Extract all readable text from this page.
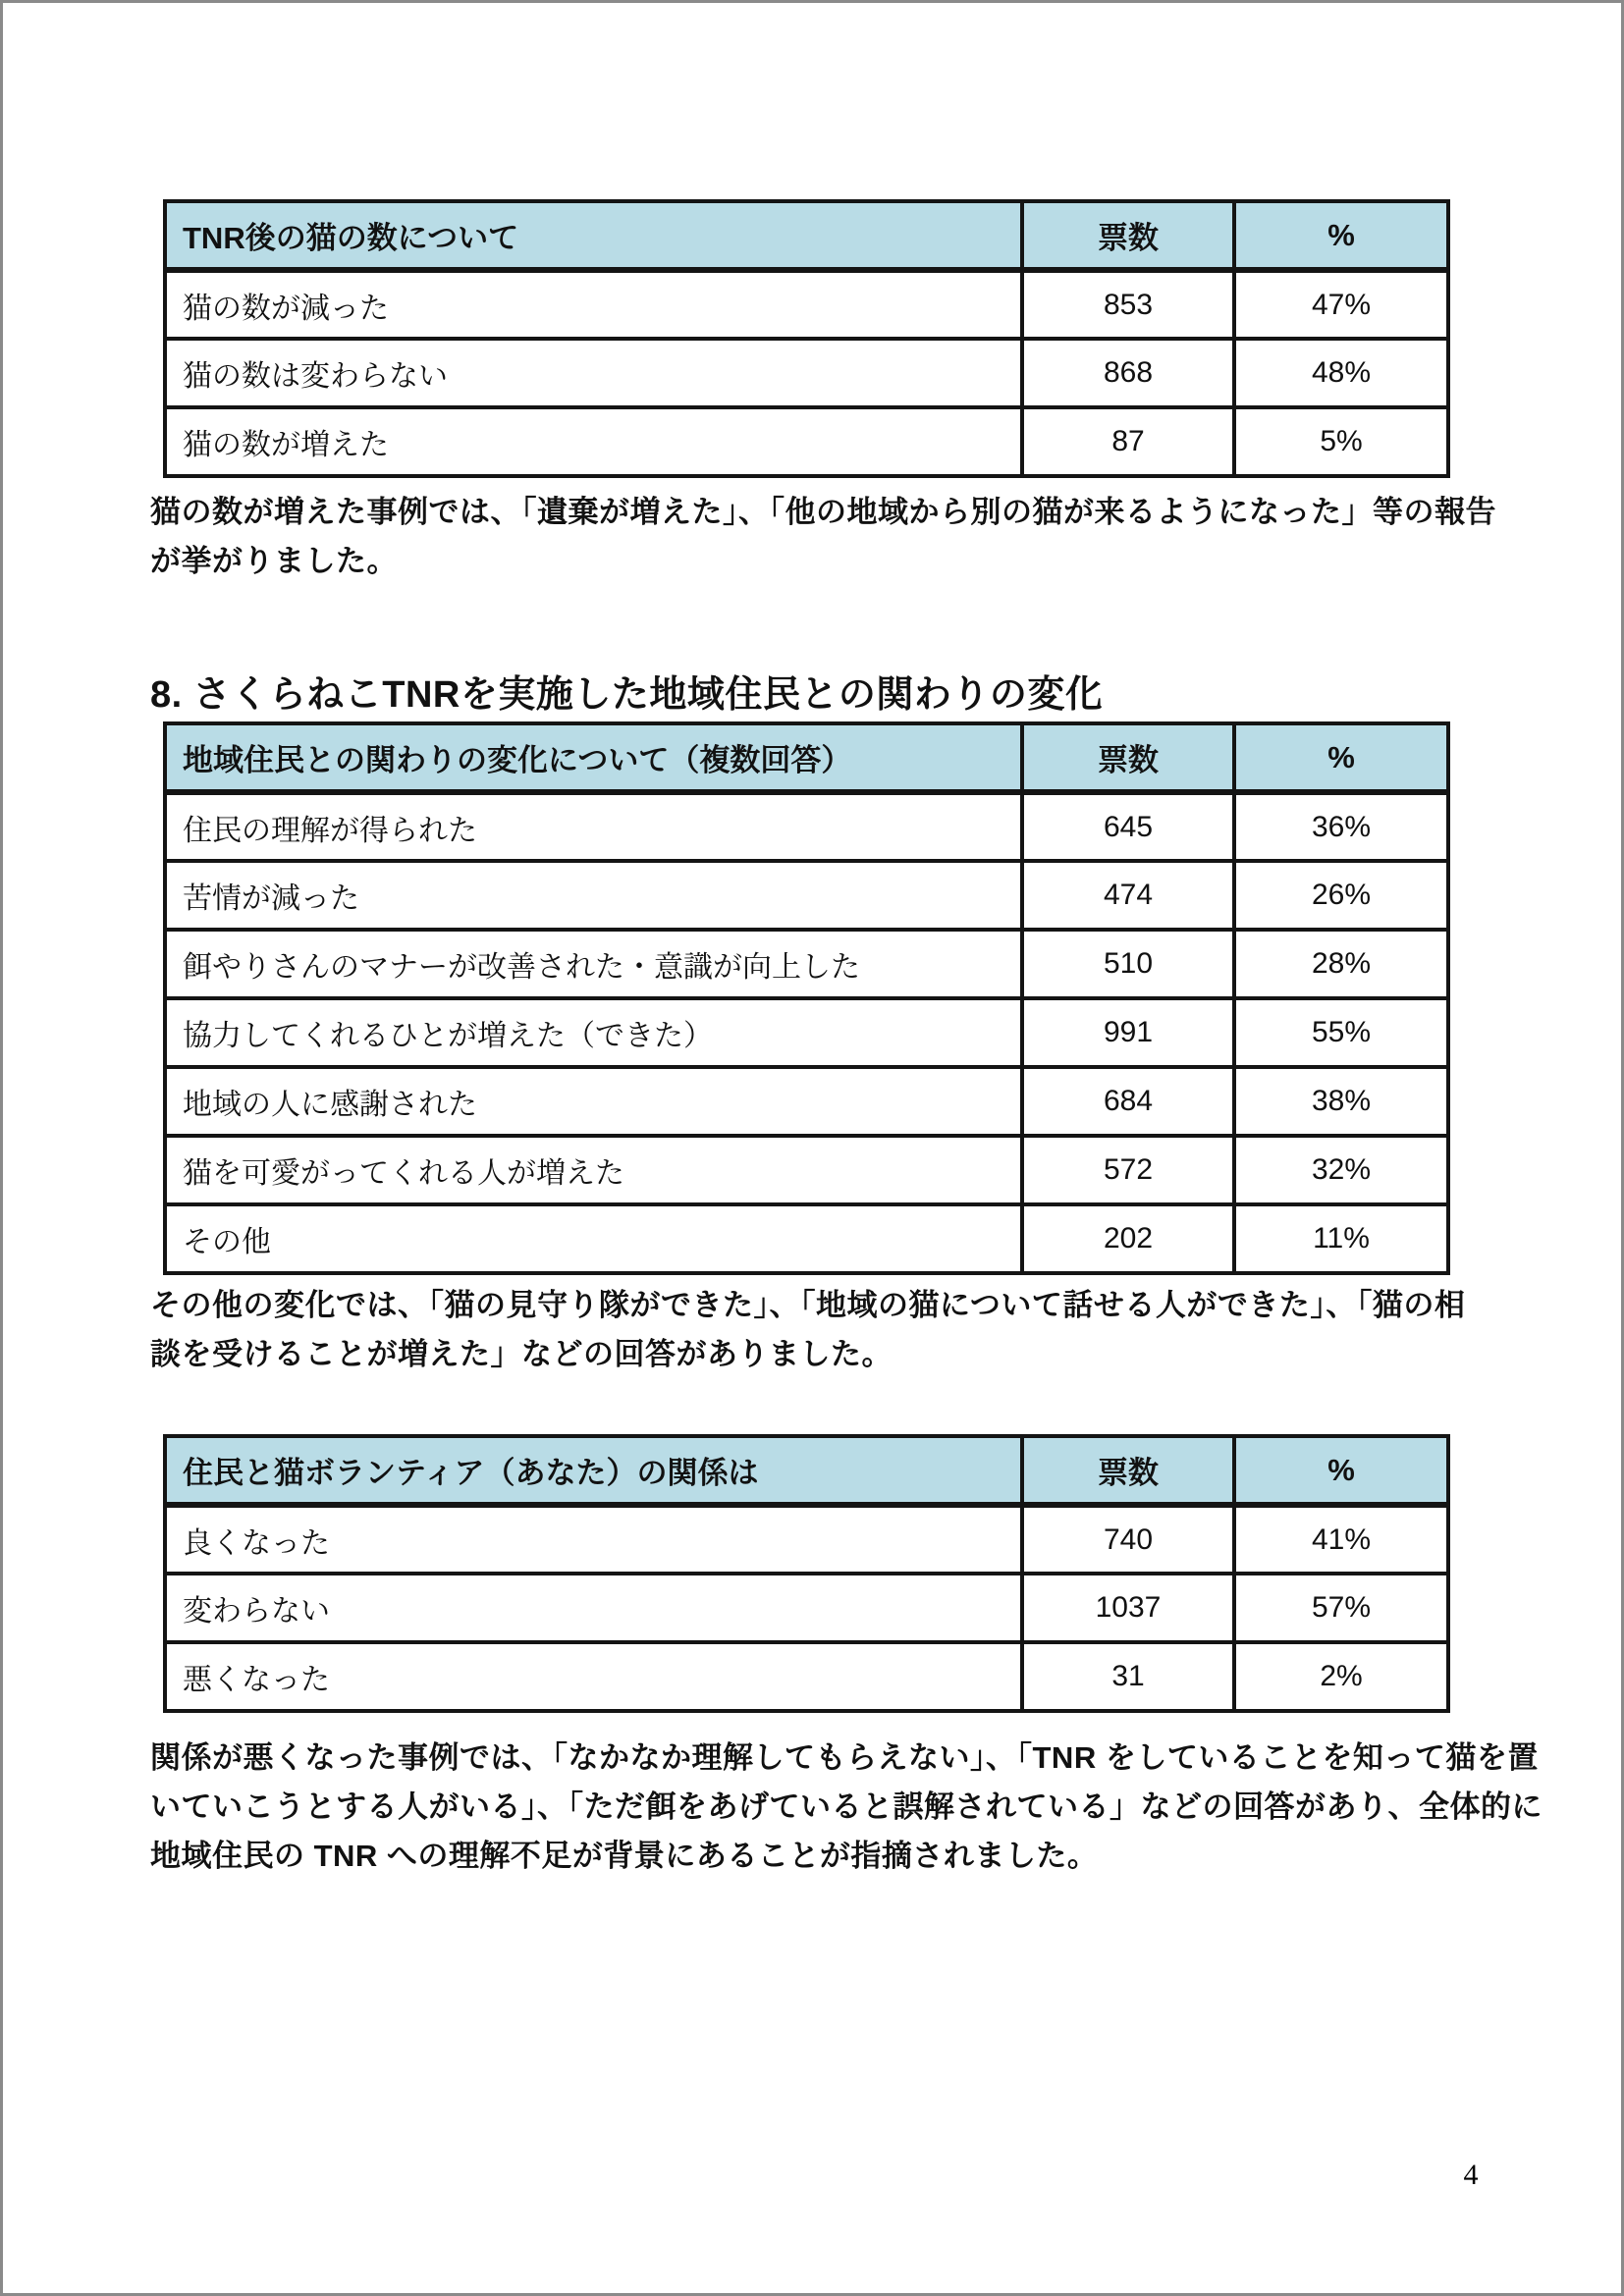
TNR後の猫の数について	票数	%
猫の数が減った	853	47%
猫の数は変わらない	868	48%
猫の数が増えた	87	5%

猫の数が増えた事例では、「遺棄が増えた」、「他の地域から別の猫が来るようになった」等の報告
が挙がりました。

8. さくらねこTNRを実施した地域住民との関わりの変化
地域住民との関わりの変化について（複数回答）	票数	%
住民の理解が得られた	645	36%
苦情が減った	474	26%
餌やりさんのマナーが改善された・意識が向上した	510	28%
協力してくれるひとが増えた（できた）	991	55%
地域の人に感謝された	684	38%
猫を可愛がってくれる人が増えた	572	32%
その他	202	11%

その他の変化では、「猫の見守り隊ができた」、「地域の猫について話せる人ができた」、「猫の相
談を受けることが増えた」などの回答がありました。

住民と猫ボランティア（あなた）の関係は	票数	%
良くなった	740	41%
変わらない	1037	57%
悪くなった	31	2%

関係が悪くなった事例では、「なかなか理解してもらえない」、「TNR をしていることを知って猫を置
いていこうとする人がいる」、「ただ餌をあげていると誤解されている」などの回答があり、全体的に
地域住民の TNR への理解不足が背景にあることが指摘されました。

4
